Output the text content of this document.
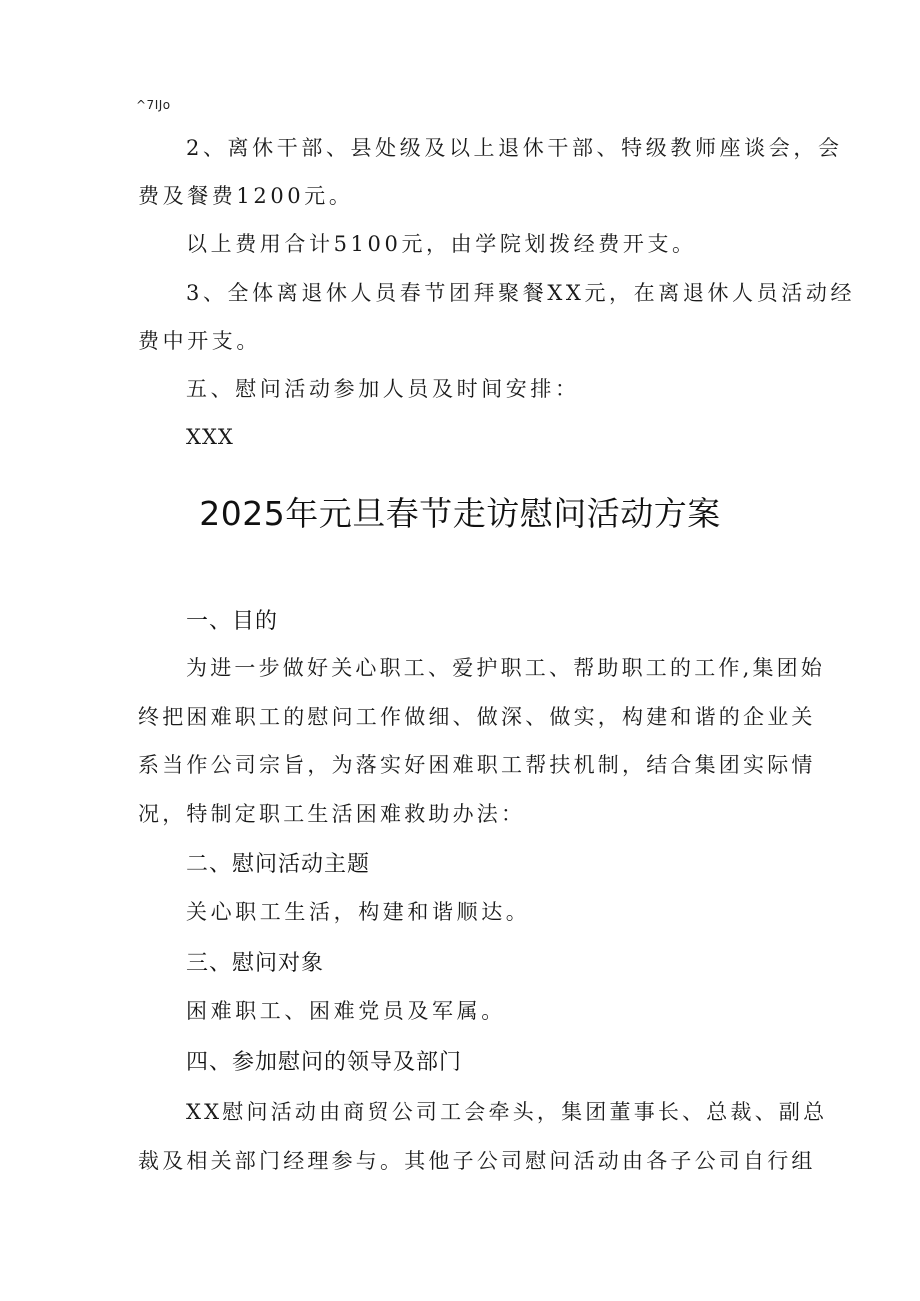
^7IJo
2、离休干部、县处级及以上退休干部、特级教师座谈会，会
费及餐费1200元。
以上费用合计5100元，由学院划拨经费开支。
3、全体离退休人员春节团拜聚餐XX元，在离退休人员活动经
费中开支。
五、慰问活动参加人员及时间安排：
XXX
2025年元旦春节走访慰问活动方案
一、目的
为进一步做好关心职工、爱护职工、帮助职工的工作,集团始
终把困难职工的慰问工作做细、做深、做实，构建和谐的企业关
系当作公司宗旨，为落实好困难职工帮扶机制，结合集团实际情
况，特制定职工生活困难救助办法：
二、慰问活动主题
关心职工生活，构建和谐顺达。
三、慰问对象
困难职工、困难党员及军属。
四、参加慰问的领导及部门
XX慰问活动由商贸公司工会牵头，集团董事长、总裁、副总
裁及相关部门经理参与。其他子公司慰问活动由各子公司自行组
